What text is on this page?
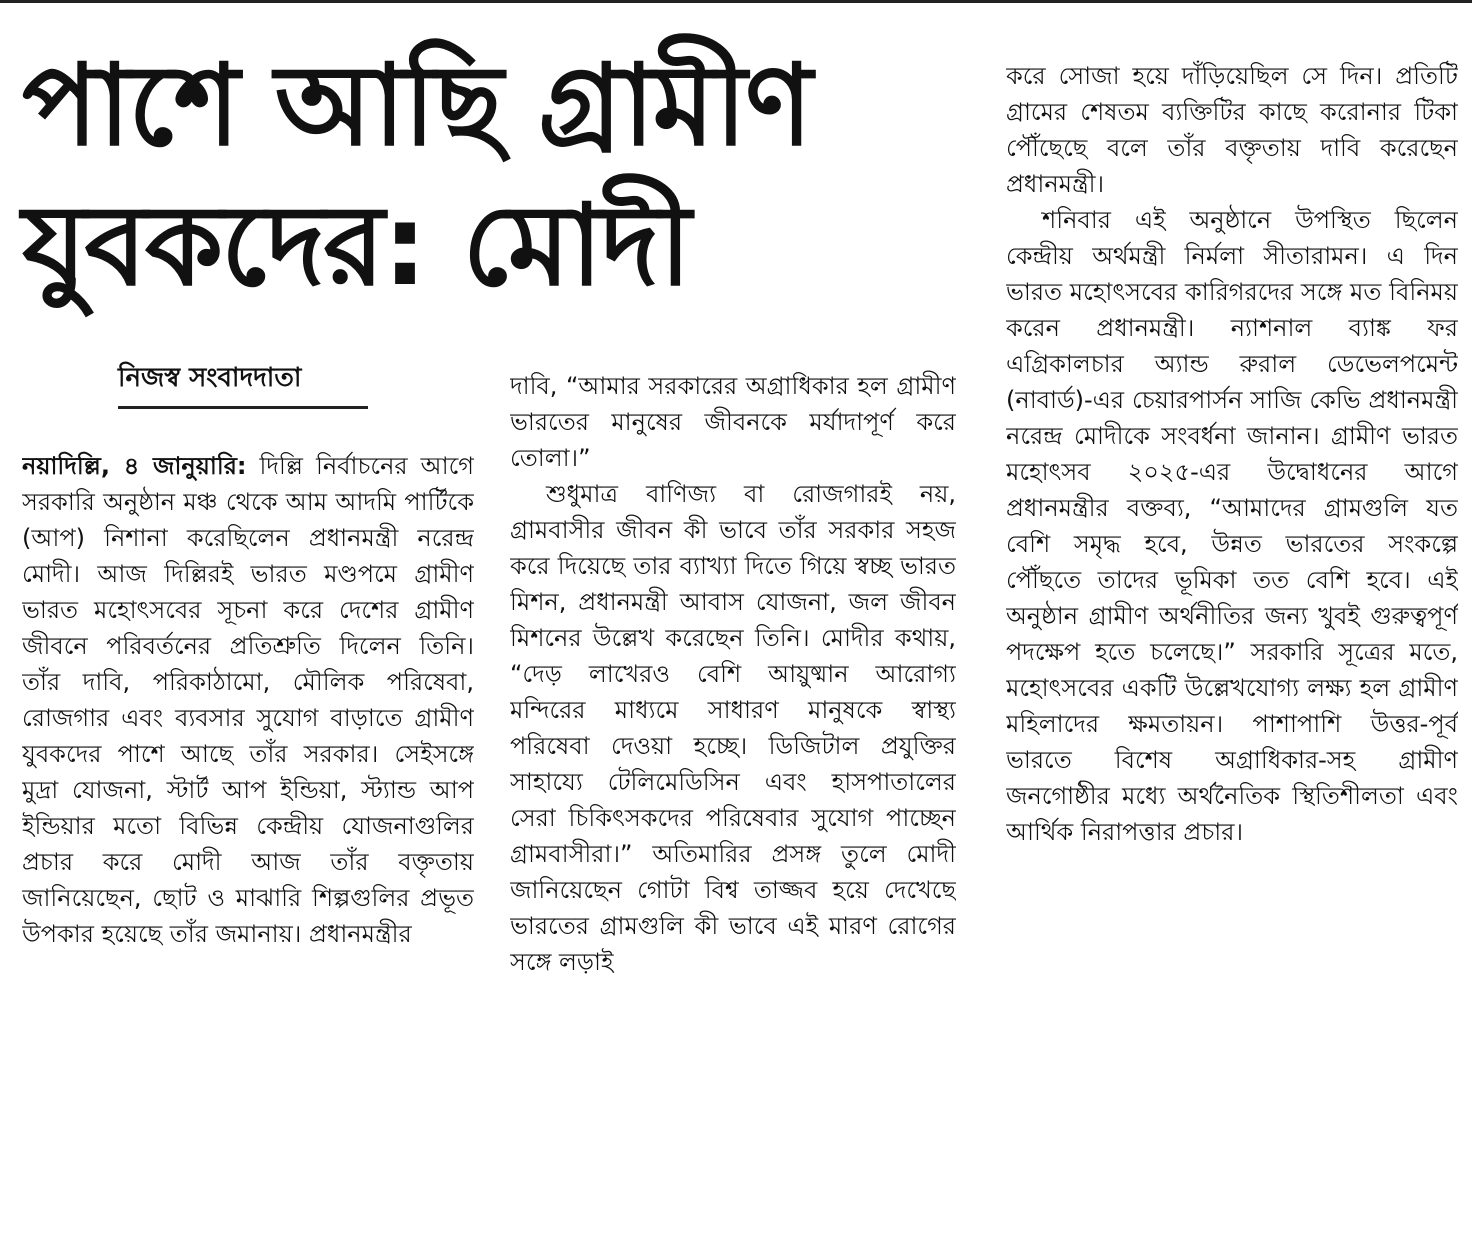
পাশে আছি গ্রামীণ
যুবকদের: মোদী
নিজস্ব সংবাদদাতা

নয়াদিল্লি, ৪ জানুয়ারি: দিল্লি নির্বাচনের আগে সরকারি অনুষ্ঠান মঞ্চ থেকে আম আদমি পার্টিকে (আপ) নিশানা করেছিলেন প্রধানমন্ত্রী নরেন্দ্র মোদী। আজ দিল্লিরই ভারত মণ্ডপমে গ্রামীণ ভারত মহোৎসবের সূচনা করে দেশের গ্রামীণ জীবনে পরিবর্তনের প্রতিশ্রুতি দিলেন তিনি। তাঁর দাবি, পরিকাঠামো, মৌলিক পরিষেবা, রোজগার এবং ব্যবসার সুযোগ বাড়াতে গ্রামীণ যুবকদের পাশে আছে তাঁর সরকার। সেইসঙ্গে মুদ্রা যোজনা, স্টার্ট আপ ইন্ডিয়া, স্ট্যান্ড আপ ইন্ডিয়ার মতো বিভিন্ন কেন্দ্রীয় যোজনাগুলির প্রচার করে মোদী আজ তাঁর বক্তৃতায় জানিয়েছেন, ছোট ও মাঝারি শিল্পগুলির প্রভূত উপকার হয়েছে তাঁর জমানায়। প্রধানমন্ত্রীর

দাবি, “আমার সরকারের অগ্রাধিকার হল গ্রামীণ ভারতের মানুষের জীবনকে মর্যাদাপূর্ণ করে তোলা।”

শুধুমাত্র বাণিজ্য বা রোজগারই নয়, গ্রামবাসীর জীবন কী ভাবে তাঁর সরকার সহজ করে দিয়েছে তার ব্যাখ্যা দিতে গিয়ে স্বচ্ছ ভারত মিশন, প্রধানমন্ত্রী আবাস যোজনা, জল জীবন মিশনের উল্লেখ করেছেন তিনি। মোদীর কথায়, “দেড় লাখেরও বেশি আয়ুষ্মান আরোগ্য মন্দিরের মাধ্যমে সাধারণ মানুষকে স্বাস্থ্য পরিষেবা দেওয়া হচ্ছে। ডিজিটাল প্রযুক্তির সাহায্যে টেলিমেডিসিন এবং হাসপাতালের সেরা চিকিৎসকদের পরিষেবার সুযোগ পাচ্ছেন গ্রামবাসীরা।” অতিমারির প্রসঙ্গ তুলে মোদী জানিয়েছেন গোটা বিশ্ব তাজ্জব হয়ে দেখেছে ভারতের গ্রামগুলি কী ভাবে এই মারণ রোগের সঙ্গে লড়াই

করে সোজা হয়ে দাঁড়িয়েছিল সে দিন। প্রতিটি গ্রামের শেষতম ব্যক্তিটির কাছে করোনার টিকা পৌঁছেছে বলে তাঁর বক্তৃতায় দাবি করেছেন প্রধানমন্ত্রী।

শনিবার এই অনুষ্ঠানে উপস্থিত ছিলেন কেন্দ্রীয় অর্থমন্ত্রী নির্মলা সীতারামন। এ দিন ভারত মহোৎসবের কারিগরদের সঙ্গে মত বিনিময় করেন প্রধানমন্ত্রী। ন্যাশনাল ব্যাঙ্ক ফর এগ্রিকালচার অ্যান্ড রুরাল ডেভেলপমেন্ট (নাবার্ড)-এর চেয়ারপার্সন সাজি কেভি প্রধানমন্ত্রী নরেন্দ্র মোদীকে সংবর্ধনা জানান। গ্রামীণ ভারত মহোৎসব ২০২৫-এর উদ্বোধনের আগে প্রধানমন্ত্রীর বক্তব্য, “আমাদের গ্রামগুলি যত বেশি সমৃদ্ধ হবে, উন্নত ভারতের সংকল্পে পৌঁছতে তাদের ভূমিকা তত বেশি হবে। এই অনুষ্ঠান গ্রামীণ অর্থনীতির জন্য খুবই গুরুত্বপূর্ণ পদক্ষেপ হতে চলেছে।” সরকারি সূত্রের মতে, মহোৎসবের একটি উল্লেখযোগ্য লক্ষ্য হল গ্রামীণ মহিলাদের ক্ষমতায়ন। পাশাপাশি উত্তর-পূর্ব ভারতে বিশেষ অগ্রাধিকার-সহ গ্রামীণ জনগোষ্ঠীর মধ্যে অর্থনৈতিক স্থিতিশীলতা এবং আর্থিক নিরাপত্তার প্রচার।
